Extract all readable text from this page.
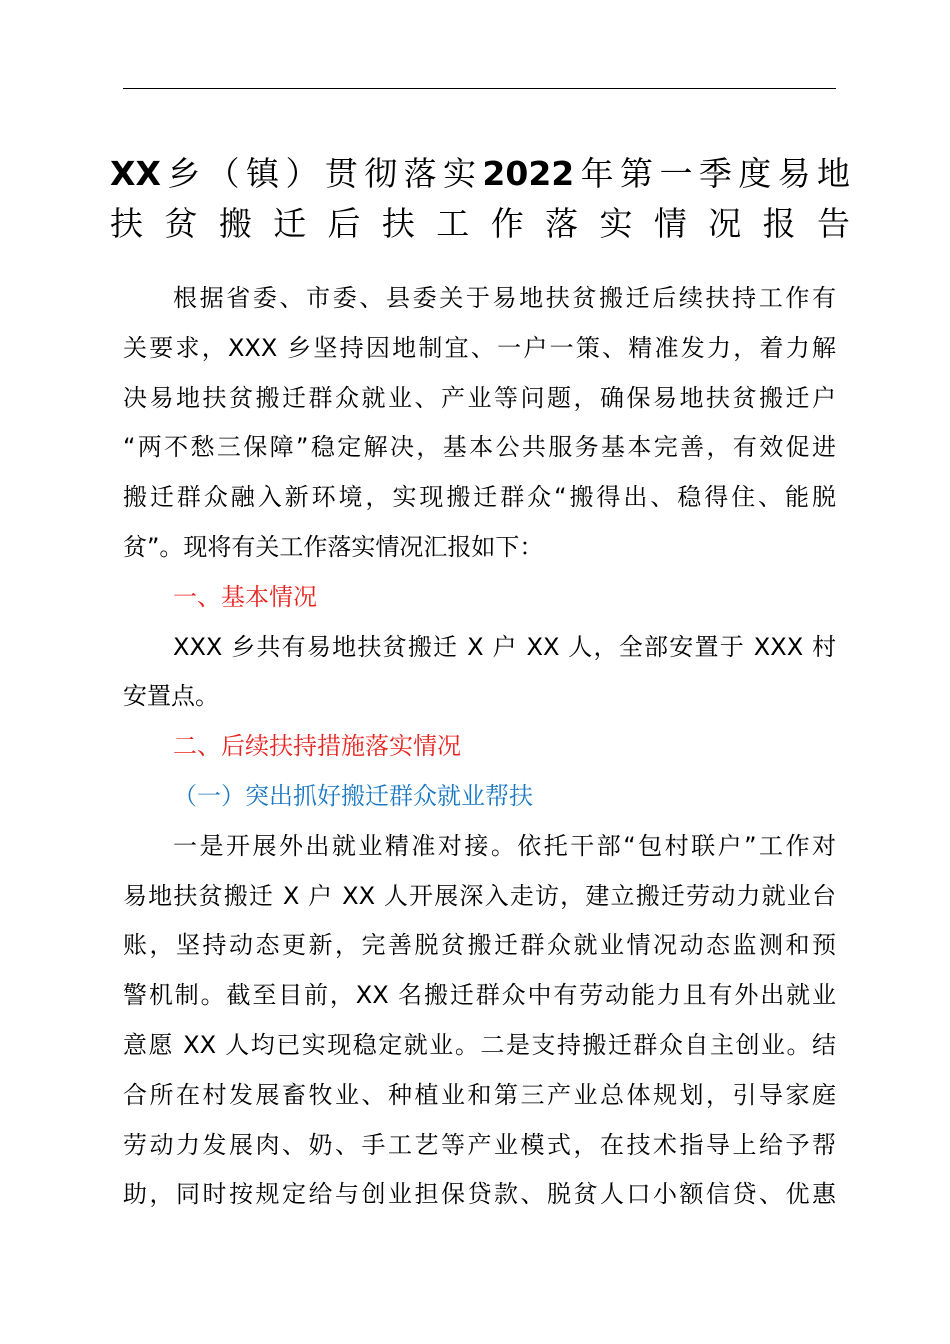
XX乡（镇）贯彻落实2022年第一季度易地
扶贫搬迁后扶工作落实情况报告
根据省委、市委、县委关于易地扶贫搬迁后续扶持工作有
关要求，XXX 乡坚持因地制宜、一户一策、精准发力，着力解
决易地扶贫搬迁群众就业、产业等问题，确保易地扶贫搬迁户
“两不愁三保障”稳定解决，基本公共服务基本完善，有效促进
搬迁群众融入新环境，实现搬迁群众“搬得出、稳得住、能脱
贫”。现将有关工作落实情况汇报如下：
一、基本情况
XXX 乡共有易地扶贫搬迁 X 户 XX 人，全部安置于 XXX 村
安置点。
二、后续扶持措施落实情况
（一）突出抓好搬迁群众就业帮扶
一是开展外出就业精准对接。依托干部“包村联户”工作对
易地扶贫搬迁 X 户 XX 人开展深入走访，建立搬迁劳动力就业台
账，坚持动态更新，完善脱贫搬迁群众就业情况动态监测和预
警机制。截至目前，XX 名搬迁群众中有劳动能力且有外出就业
意愿 XX 人均已实现稳定就业。二是支持搬迁群众自主创业。结
合所在村发展畜牧业、种植业和第三产业总体规划，引导家庭
劳动力发展肉、奶、手工艺等产业模式，在技术指导上给予帮
助，同时按规定给与创业担保贷款、脱贫人口小额信贷、优惠
